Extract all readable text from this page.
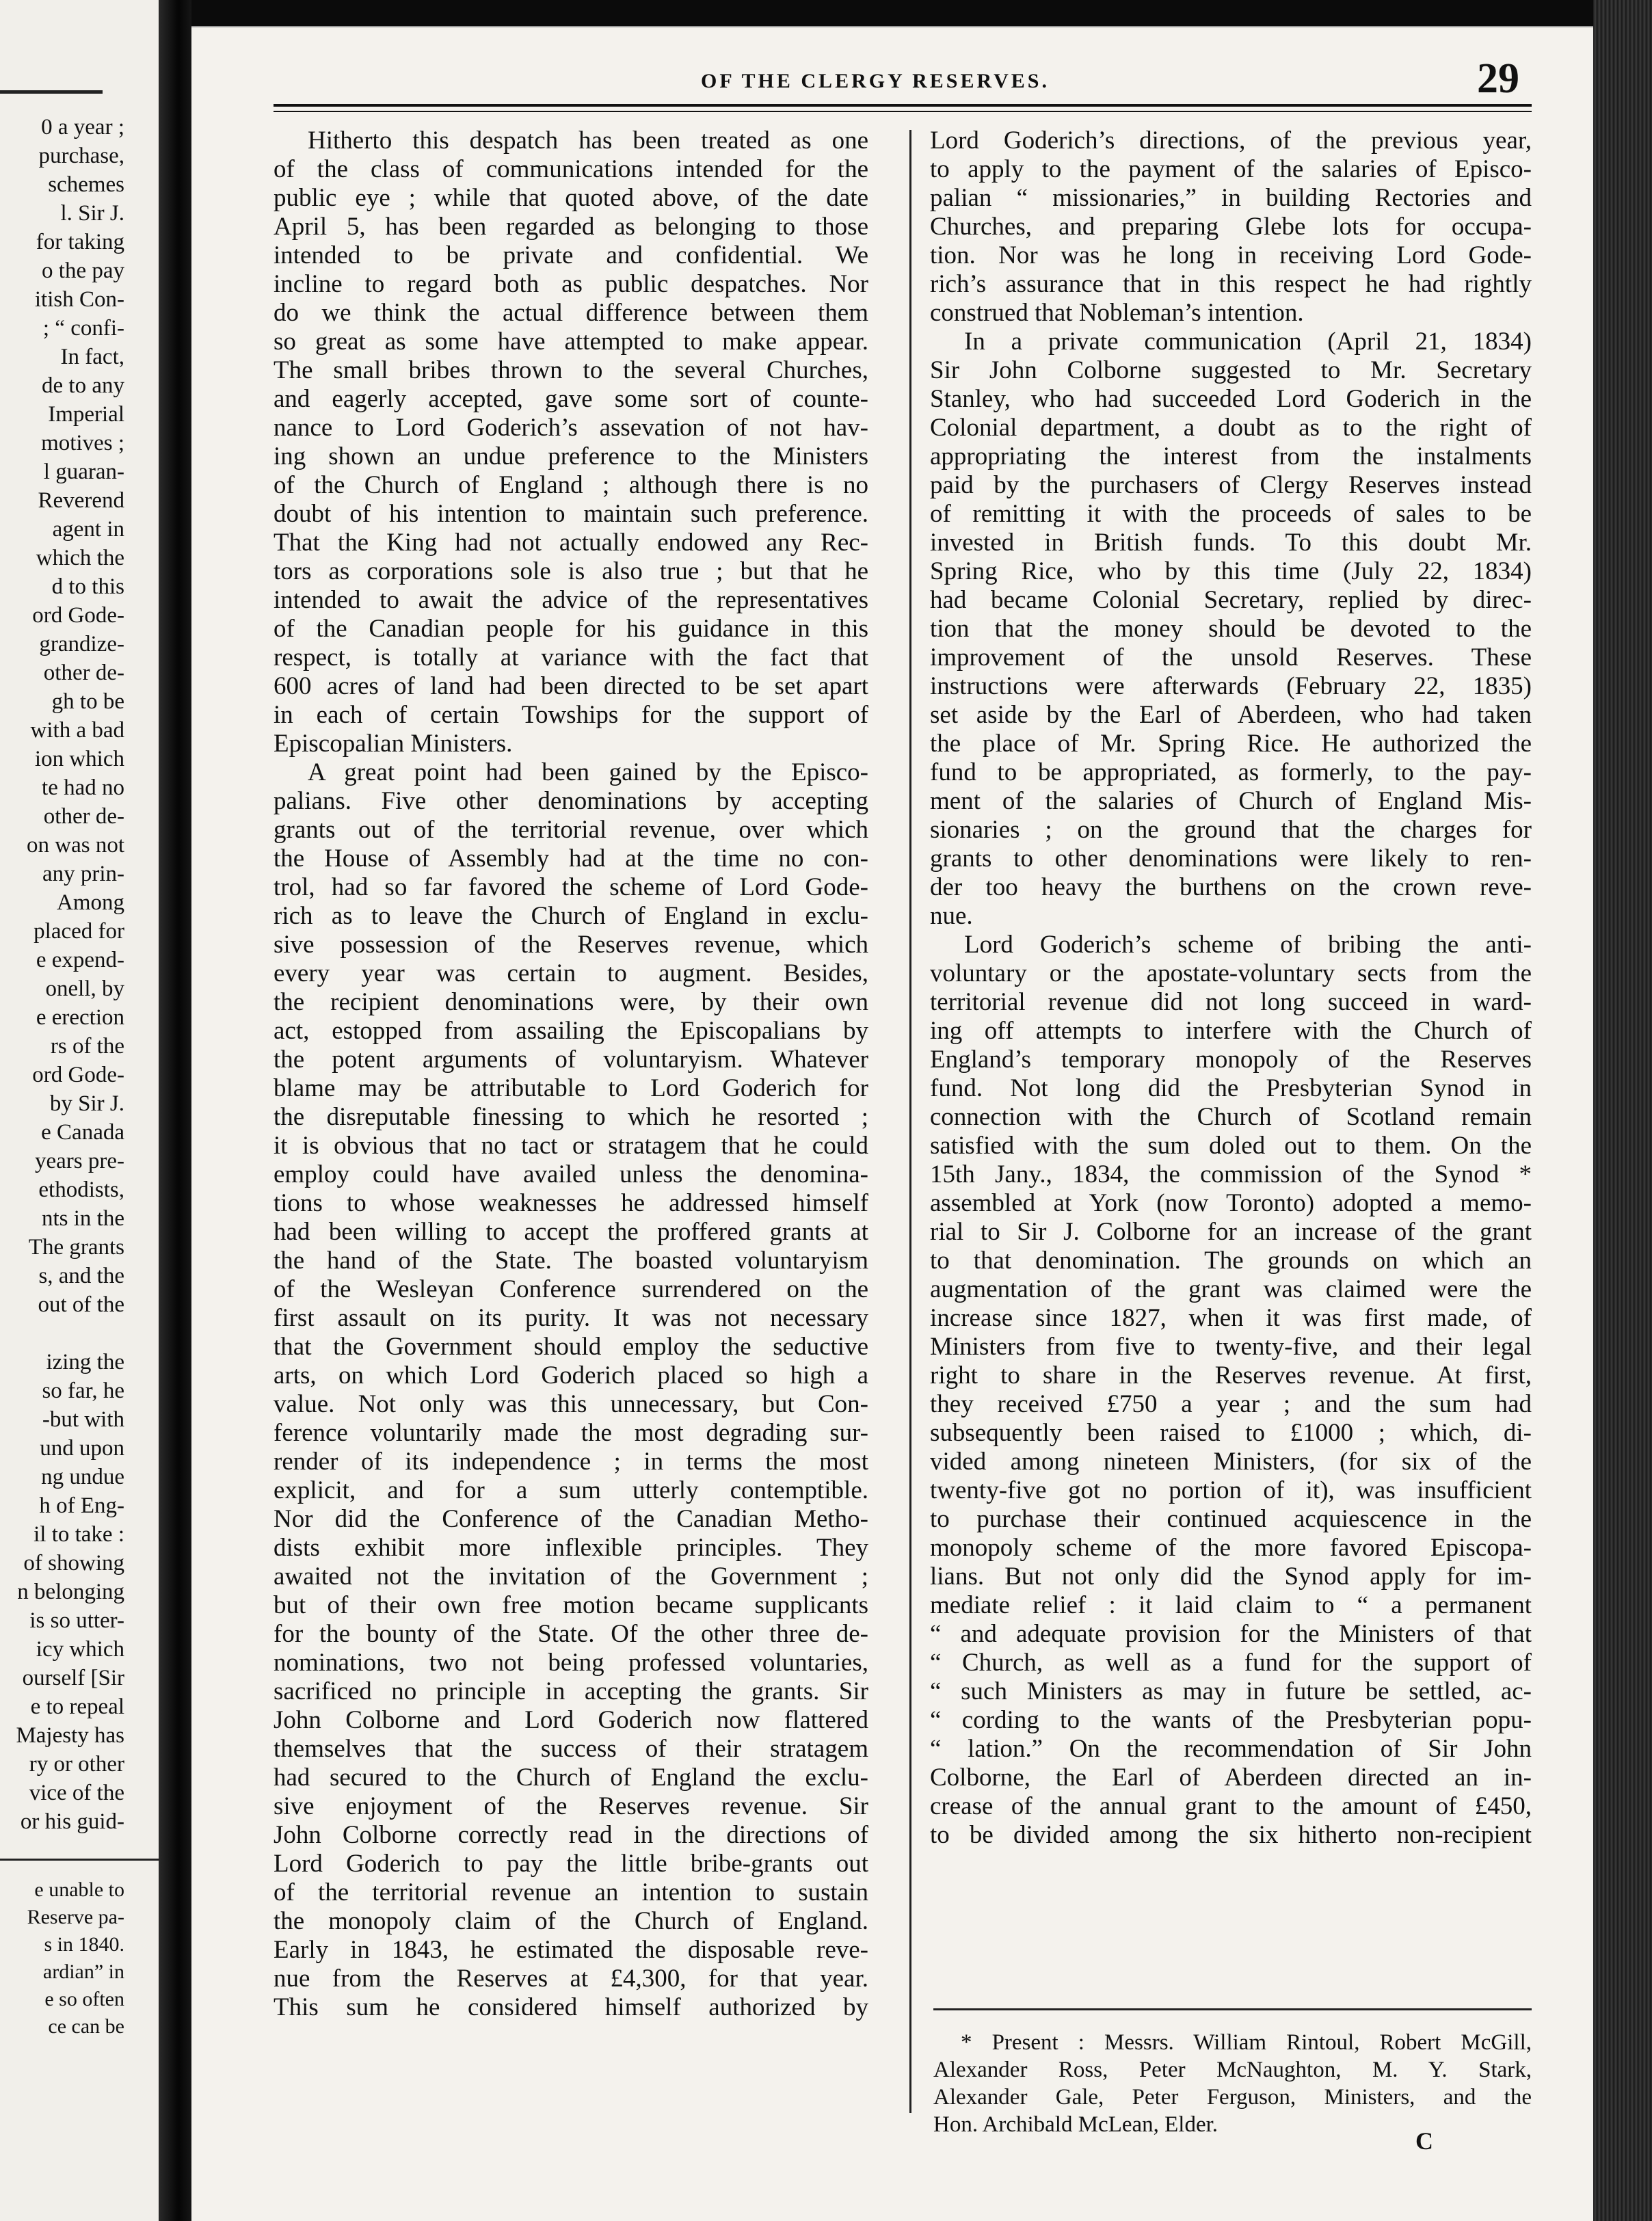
0 a year ;
purchase,
schemes
l. Sir J.
for taking
o the pay
itish Con-
; “ confi-
In fact,
de to any
Imperial
motives ;
l guaran-
Reverend
agent in
which the
d to this
ord Gode-
grandize-
other de-
gh to be
with a bad
ion which
te had no
other de-
on was not
any prin-
Among
placed for
e expend-
onell, by
e erection
rs of the
ord Gode-
by Sir J.
e Canada
years pre-
ethodists,
nts in the
The grants
s, and the
out of the
izing the
so far, he
-but with
und upon
ng undue
h of Eng-
il to take :
of showing
n belonging
is so utter-
icy which
ourself [Sir
e to repeal
Majesty has
ry or other
vice of the
or his guid-
e unable to
Reserve pa-
s in 1840.
ardian” in
e so often
ce can be
OF THE CLERGY RESERVES.	29
Hitherto this despatch has been treated as one
of the class of communications intended for the
public eye ; while that quoted above, of the date
April 5, has been regarded as belonging to those
intended to be private and confidential. We
incline to regard both as public despatches. Nor
do we think the actual difference between them
so great as some have attempted to make appear.
The small bribes thrown to the several Churches,
and eagerly accepted, gave some sort of counte-
nance to Lord Goderich’s assevation of not hav-
ing shown an undue preference to the Ministers
of the Church of England ; although there is no
doubt of his intention to maintain such preference.
That the King had not actually endowed any Rec-
tors as corporations sole is also true ; but that he
intended to await the advice of the representatives
of the Canadian people for his guidance in this
respect, is totally at variance with the fact that
600 acres of land had been directed to be set apart
in each of certain Towships for the support of
Episcopalian Ministers.
A great point had been gained by the Episco-
palians. Five other denominations by accepting
grants out of the territorial revenue, over which
the House of Assembly had at the time no con-
trol, had so far favored the scheme of Lord Gode-
rich as to leave the Church of England in exclu-
sive possession of the Reserves revenue, which
every year was certain to augment. Besides,
the recipient denominations were, by their own
act, estopped from assailing the Episcopalians by
the potent arguments of voluntaryism. Whatever
blame may be attributable to Lord Goderich for
the disreputable finessing to which he resorted ;
it is obvious that no tact or stratagem that he could
employ could have availed unless the denomina-
tions to whose weaknesses he addressed himself
had been willing to accept the proffered grants at
the hand of the State. The boasted voluntaryism
of the Wesleyan Conference surrendered on the
first assault on its purity. It was not necessary
that the Government should employ the seductive
arts, on which Lord Goderich placed so high a
value. Not only was this unnecessary, but Con-
ference voluntarily made the most degrading sur-
render of its independence ; in terms the most
explicit, and for a sum utterly contemptible.
Nor did the Conference of the Canadian Metho-
dists exhibit more inflexible principles. They
awaited not the invitation of the Government ;
but of their own free motion became supplicants
for the bounty of the State. Of the other three de-
nominations, two not being professed voluntaries,
sacrificed no principle in accepting the grants. Sir
John Colborne and Lord Goderich now flattered
themselves that the success of their stratagem
had secured to the Church of England the exclu-
sive enjoyment of the Reserves revenue. Sir
John Colborne correctly read in the directions of
Lord Goderich to pay the little bribe-grants out
of the territorial revenue an intention to sustain
the monopoly claim of the Church of England.
Early in 1843, he estimated the disposable reve-
nue from the Reserves at £4,300, for that year.
This sum he considered himself authorized by
Lord Goderich’s directions, of the previous year,
to apply to the payment of the salaries of Episco-
palian “ missionaries,” in building Rectories and
Churches, and preparing Glebe lots for occupa-
tion. Nor was he long in receiving Lord Gode-
rich’s assurance that in this respect he had rightly
construed that Nobleman’s intention.
In a private communication (April 21, 1834)
Sir John Colborne suggested to Mr. Secretary
Stanley, who had succeeded Lord Goderich in the
Colonial department, a doubt as to the right of
appropriating the interest from the instalments
paid by the purchasers of Clergy Reserves instead
of remitting it with the proceeds of sales to be
invested in British funds. To this doubt Mr.
Spring Rice, who by this time (July 22, 1834)
had became Colonial Secretary, replied by direc-
tion that the money should be devoted to the
improvement of the unsold Reserves. These
instructions were afterwards (February 22, 1835)
set aside by the Earl of Aberdeen, who had taken
the place of Mr. Spring Rice. He authorized the
fund to be appropriated, as formerly, to the pay-
ment of the salaries of Church of England Mis-
sionaries ; on the ground that the charges for
grants to other denominations were likely to ren-
der too heavy the burthens on the crown reve-
nue.
Lord Goderich’s scheme of bribing the anti-
voluntary or the apostate-voluntary sects from the
territorial revenue did not long succeed in ward-
ing off attempts to interfere with the Church of
England’s temporary monopoly of the Reserves
fund. Not long did the Presbyterian Synod in
connection with the Church of Scotland remain
satisfied with the sum doled out to them. On the
15th Jany., 1834, the commission of the Synod *
assembled at York (now Toronto) adopted a memo-
rial to Sir J. Colborne for an increase of the grant
to that denomination. The grounds on which an
augmentation of the grant was claimed were the
increase since 1827, when it was first made, of
Ministers from five to twenty-five, and their legal
right to share in the Reserves revenue. At first,
they received £750 a year ; and the sum had
subsequently been raised to £1000 ; which, di-
vided among nineteen Ministers, (for six of the
twenty-five got no portion of it), was insufficient
to purchase their continued acquiescence in the
monopoly scheme of the more favored Episcopa-
lians. But not only did the Synod apply for im-
mediate relief : it laid claim to “ a permanent
“ and adequate provision for the Ministers of that
“ Church, as well as a fund for the support of
“ such Ministers as may in future be settled, ac-
“ cording to the wants of the Presbyterian popu-
“ lation.” On the recommendation of Sir John
Colborne, the Earl of Aberdeen directed an in-
crease of the annual grant to the amount of £450,
to be divided among the six hitherto non-recipient
* Present : Messrs. William Rintoul, Robert McGill,
Alexander Ross, Peter McNaughton, M. Y. Stark,
Alexander Gale, Peter Ferguson, Ministers, and the
Hon. Archibald McLean, Elder.
C
